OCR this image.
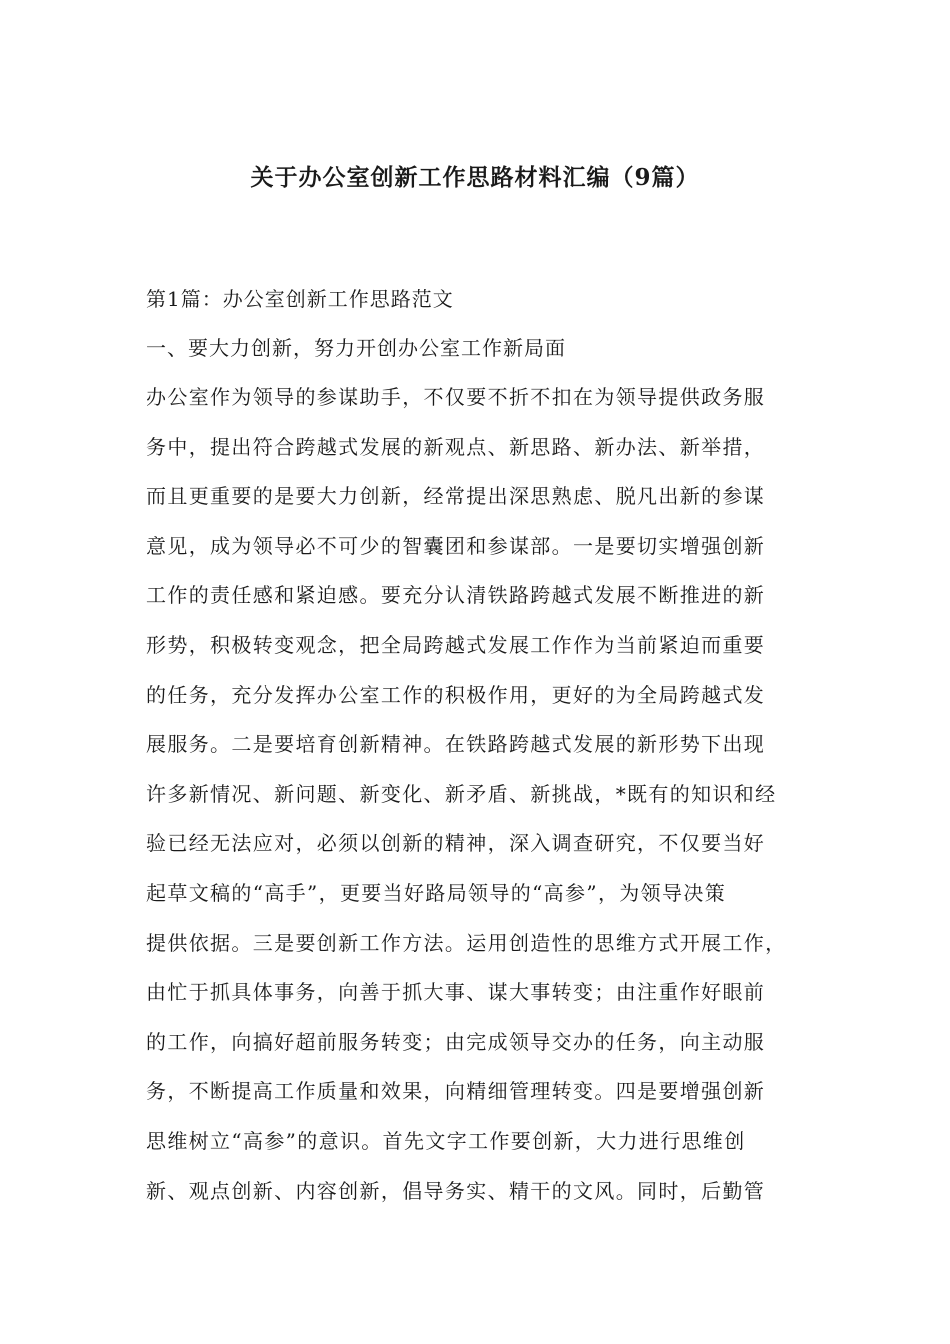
关于办公室创新工作思路材料汇编（9篇）
第1篇：办公室创新工作思路范文
一、要大力创新，努力开创办公室工作新局面
办公室作为领导的参谋助手，不仅要不折不扣在为领导提供政务服
务中，提出符合跨越式发展的新观点、新思路、新办法、新举措，
而且更重要的是要大力创新，经常提出深思熟虑、脱凡出新的参谋
意见，成为领导必不可少的智囊团和参谋部。一是要切实增强创新
工作的责任感和紧迫感。要充分认清铁路跨越式发展不断推进的新
形势，积极转变观念，把全局跨越式发展工作作为当前紧迫而重要
的任务，充分发挥办公室工作的积极作用，更好的为全局跨越式发
展服务。二是要培育创新精神。在铁路跨越式发展的新形势下出现
许多新情况、新问题、新变化、新矛盾、新挑战，*既有的知识和经
验已经无法应对，必须以创新的精神，深入调查研究，不仅要当好
起草文稿的“高手”，更要当好路局领导的“高参”，为领导决策
提供依据。三是要创新工作方法。运用创造性的思维方式开展工作，
由忙于抓具体事务，向善于抓大事、谋大事转变；由注重作好眼前
的工作，向搞好超前服务转变；由完成领导交办的任务，向主动服
务，不断提高工作质量和效果，向精细管理转变。四是要增强创新
思维树立“高参”的意识。首先文字工作要创新，大力进行思维创
新、观点创新、内容创新，倡导务实、精干的文风。同时，后勤管
